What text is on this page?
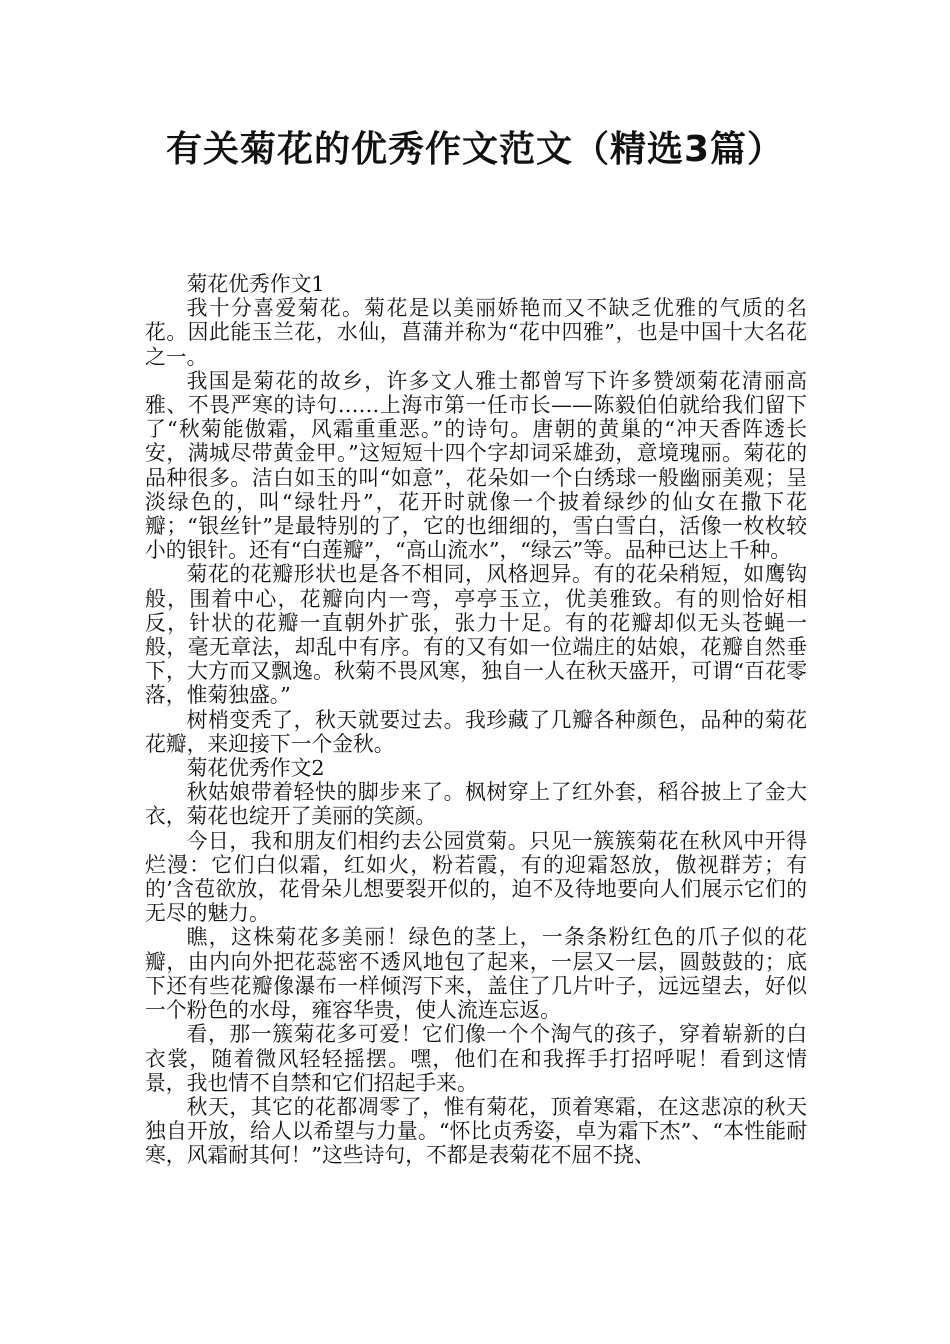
有关菊花的优秀作文范文（精选3篇）

菊花优秀作文1

我十分喜爱菊花。菊花是以美丽娇艳而又不缺乏优雅的气质的名花。因此能玉兰花，水仙，菖蒲并称为“花中四雅”，也是中国十大名花之一。

我国是菊花的故乡，许多文人雅士都曾写下许多赞颂菊花清丽高雅、不畏严寒的诗句……上海市第一任市长——陈毅伯伯就给我们留下了“秋菊能傲霜，风霜重重恶。”的诗句。唐朝的黄巢的“冲天香阵透长安，满城尽带黄金甲。”这短短十四个字却词采雄劲，意境瑰丽。菊花的品种很多。洁白如玉的叫“如意”，花朵如一个白绣球一般幽丽美观；呈淡绿色的，叫“绿牡丹”，花开时就像一个披着绿纱的仙女在撒下花瓣；“银丝针”是最特别的了，它的也细细的，雪白雪白，活像一枚枚较小的银针。还有“白莲瓣”，“高山流水”，“绿云”等。品种已达上千种。

菊花的花瓣形状也是各不相同，风格迥异。有的花朵稍短，如鹰钩般，围着中心，花瓣向内一弯，亭亭玉立，优美雅致。有的则恰好相反，针状的花瓣一直朝外扩张，张力十足。有的花瓣却似无头苍蝇一般，毫无章法，却乱中有序。有的又有如一位端庄的姑娘，花瓣自然垂下，大方而又飘逸。秋菊不畏风寒，独自一人在秋天盛开，可谓“百花零落，惟菊独盛。”

树梢变秃了，秋天就要过去。我珍藏了几瓣各种颜色，品种的菊花花瓣，来迎接下一个金秋。

菊花优秀作文2

秋姑娘带着轻快的脚步来了。枫树穿上了红外套，稻谷披上了金大衣，菊花也绽开了美丽的笑颜。

今日，我和朋友们相约去公园赏菊。只见一簇簇菊花在秋风中开得烂漫：它们白似霜，红如火，粉若霞，有的迎霜怒放，傲视群芳；有的’含苞欲放，花骨朵儿想要裂开似的，迫不及待地要向人们展示它们的无尽的魅力。

瞧，这株菊花多美丽！绿色的茎上，一条条粉红色的爪子似的花瓣，由内向外把花蕊密不透风地包了起来，一层又一层，圆鼓鼓的；底下还有些花瓣像瀑布一样倾泻下来，盖住了几片叶子，远远望去，好似一个粉色的水母，雍容华贵，使人流连忘返。

看，那一簇菊花多可爱！它们像一个个淘气的孩子，穿着崭新的白衣裳，随着微风轻轻摇摆。嘿，他们在和我挥手打招呼呢！看到这情景，我也情不自禁和它们招起手来。

秋天，其它的花都凋零了，惟有菊花，顶着寒霜，在这悲凉的秋天独自开放，给人以希望与力量。“怀比贞秀姿，卓为霜下杰”、“本性能耐寒，风霜耐其何！”这些诗句，不都是表菊花不屈不挠、
